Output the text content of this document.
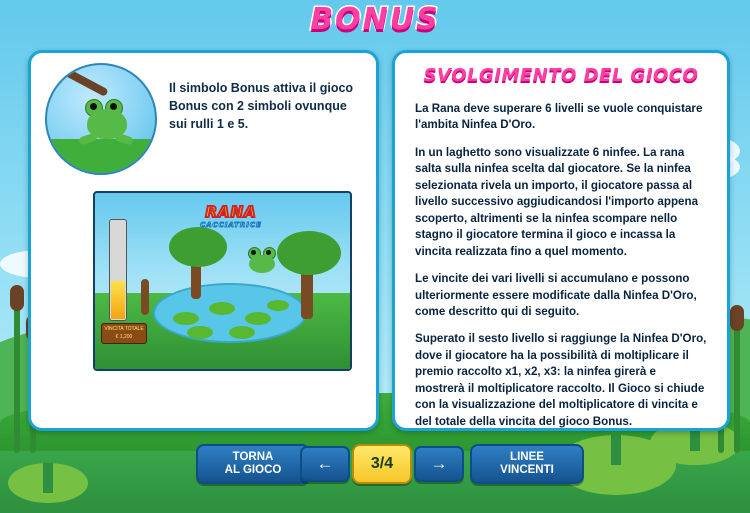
BONUS
Il simbolo Bonus attiva il gioco Bonus con 2 simboli ovunque sui rulli 1 e 5.
RANA
CACCIATRICE
VINCITA TOTALE
€ 1,200
SVOLGIMENTO DEL GIOCO

La Rana deve superare 6 livelli se vuole conquistare l'ambita Ninfea D'Oro.

In un laghetto sono visualizzate 6 ninfee. La rana salta sulla ninfea scelta dal giocatore. Se la ninfea selezionata rivela un importo, il giocatore passa al livello successivo aggiudicandosi l'importo appena scoperto, altrimenti se la ninfea scompare nello stagno il giocatore termina il gioco e incassa la vincita realizzata fino a quel momento.

Le vincite dei vari livelli si accumulano e possono ulteriormente essere modificate dalla Ninfea D'Oro, come descritto qui di seguito.

Superato il sesto livello si raggiunge la Ninfea D'Oro, dove il giocatore ha la possibilità di moltiplicare il premio raccolto x1, x2, x3: la ninfea girerà e mostrerà il moltiplicatore raccolto. Il Gioco si chiude con la visualizzazione del moltiplicatore di vincita e del totale della vincita del gioco Bonus.

TORNA
AL GIOCO ←	3/4	→	LINEE
VINCENTI
